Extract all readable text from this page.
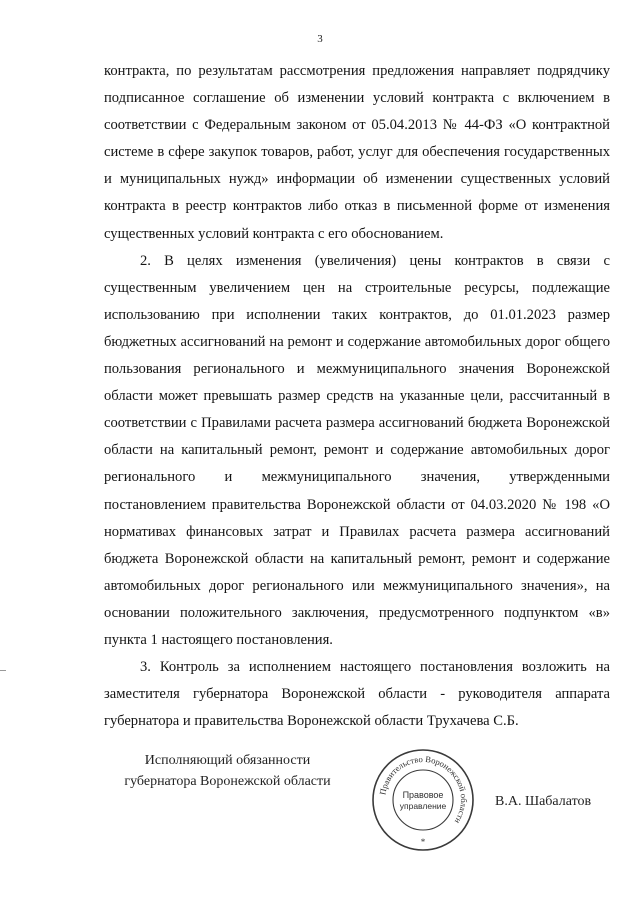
3

контракта, по результатам рассмотрения предложения направляет подрядчику подписанное соглашение об изменении условий контракта с включением в соответствии с Федеральным законом от 05.04.2013 № 44-ФЗ «О контрактной системе в сфере закупок товаров, работ, услуг для обеспечения государственных и муниципальных нужд» информации об изменении существенных условий контракта в реестр контрактов либо отказ в письменной форме от изменения существенных условий контракта с его обоснованием.

2. В целях изменения (увеличения) цены контрактов в связи с существенным увеличением цен на строительные ресурсы, подлежащие использованию при исполнении таких контрактов, до 01.01.2023 размер бюджетных ассигнований на ремонт и содержание автомобильных дорог общего пользования регионального и межмуниципального значения Воронежской области может превышать размер средств на указанные цели, рассчитанный в соответствии с Правилами расчета размера ассигнований бюджета Воронежской области на капитальный ремонт, ремонт и содержание автомобильных дорог регионального и межмуниципального значения, утвержденными постановлением правительства Воронежской области от 04.03.2020 № 198 «О нормативах финансовых затрат и Правилах расчета размера ассигнований бюджета Воронежской области на капитальный ремонт, ремонт и содержание автомобильных дорог регионального или межмуниципального значения», на основании положительного заключения, предусмотренного подпунктом «в» пункта 1 настоящего постановления.

3. Контроль за исполнением настоящего постановления возложить на заместителя губернатора Воронежской области - руководителя аппарата губернатора и правительства Воронежской области Трухачева С.Б.

Исполняющий обязанности
губернатора Воронежской области
Правительство Воронежской области
Правовое
управление
*
В.А. Шабалатов
